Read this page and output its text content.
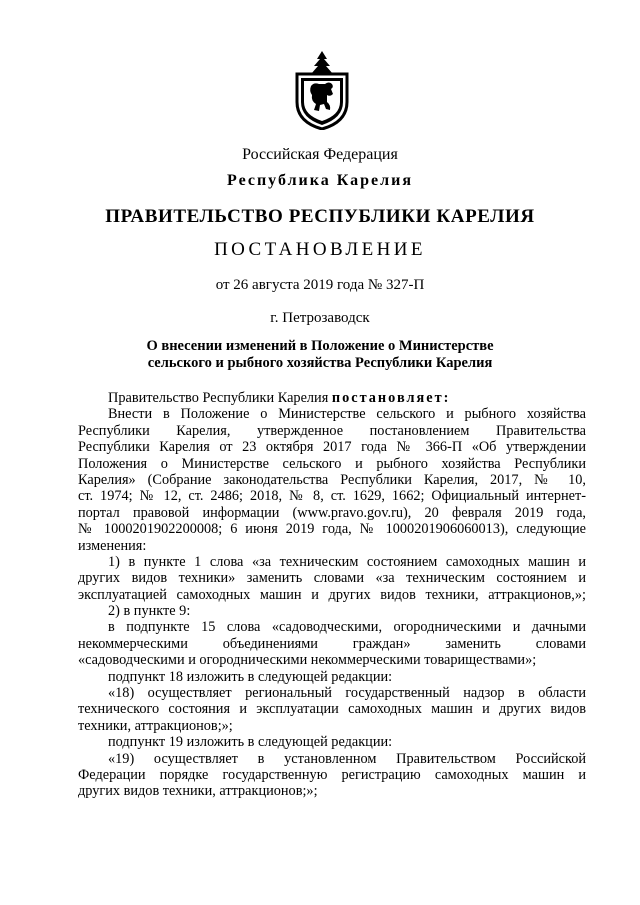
Российская Федерация
Республика Карелия
ПРАВИТЕЛЬСТВО РЕСПУБЛИКИ КАРЕЛИЯ
ПОСТАНОВЛЕНИЕ
от 26 августа 2019 года № 327-П
г. Петрозаводск
О внесении изменений в Положение о Министерстве
сельского и рыбного хозяйства Республики Карелия
Правительство Республики Карелия постановляет:
Внести в Положение о Министерстве сельского и рыбного хозяйства
Республики Карелия, утвержденное постановлением Правительства
Республики Карелия от 23 октября 2017 года № 366-П «Об утверждении
Положения о Министерстве сельского и рыбного хозяйства Республики
Карелия» (Собрание законодательства Республики Карелия, 2017, № 10,
ст. 1974; № 12, ст. 2486; 2018, № 8, ст. 1629, 1662; Официальный интернет-
портал правовой информации (www.pravo.gov.ru), 20 февраля 2019 года,
№ 1000201902200008; 6 июня 2019 года, № 1000201906060013), следующие
изменения:
1) в пункте 1 слова «за техническим состоянием самоходных машин и
других видов техники» заменить словами «за техническим состоянием и
эксплуатацией самоходных машин и других видов техники, аттракционов,»;
2) в пункте 9:
в подпункте 15 слова «садоводческими, огородническими и дачными
некоммерческими объединениями граждан» заменить словами
«садоводческими и огородническими некоммерческими товариществами»;
подпункт 18 изложить в следующей редакции:
«18) осуществляет региональный государственный надзор в области
технического состояния и эксплуатации самоходных машин и других видов
техники, аттракционов;»;
подпункт 19 изложить в следующей редакции:
«19) осуществляет в установленном Правительством Российской
Федерации порядке государственную регистрацию самоходных машин и
других видов техники, аттракционов;»;
